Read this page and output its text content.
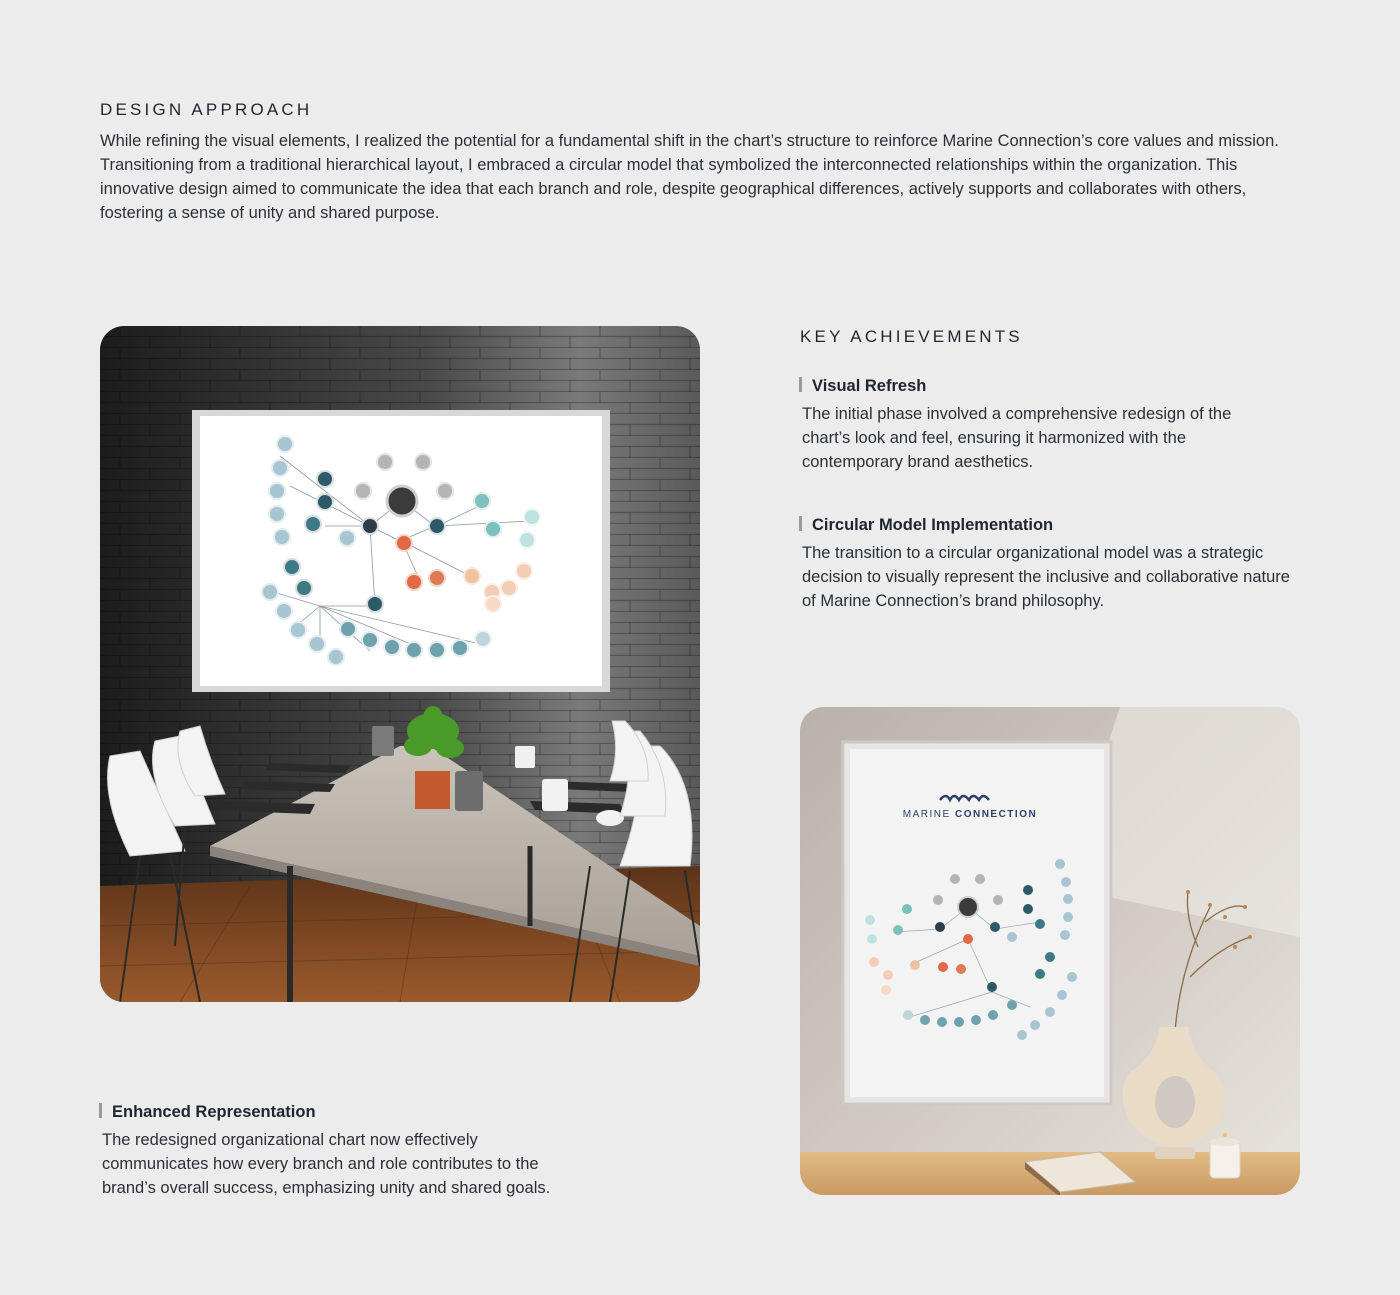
DESIGN APPROACH

While refining the visual elements, I realized the potential for a fundamental shift in the chart’s structure to reinforce Marine Connection’s core values and mission. Transitioning from a traditional hierarchical layout, I embraced a circular model that symbolized the interconnected relationships within the organization. This innovative design aimed to communicate the idea that each branch and role, despite geographical differences, actively supports and collaborates with others, fostering a sense of unity and shared purpose.

KEY ACHIEVEMENTS
Visual Refresh

The initial phase involved a comprehensive redesign of the chart’s look and feel, ensuring it harmonized with the contemporary brand aesthetics.

Circular Model Implementation

The transition to a circular organizational model was a strategic decision to visually represent the inclusive and collaborative nature of Marine Connection’s brand philosophy.

Enhanced Representation

The redesigned organizational chart now effectively communicates how every branch and role contributes to the brand’s overall success, emphasizing unity and shared goals.

MARINE CONNECTION
